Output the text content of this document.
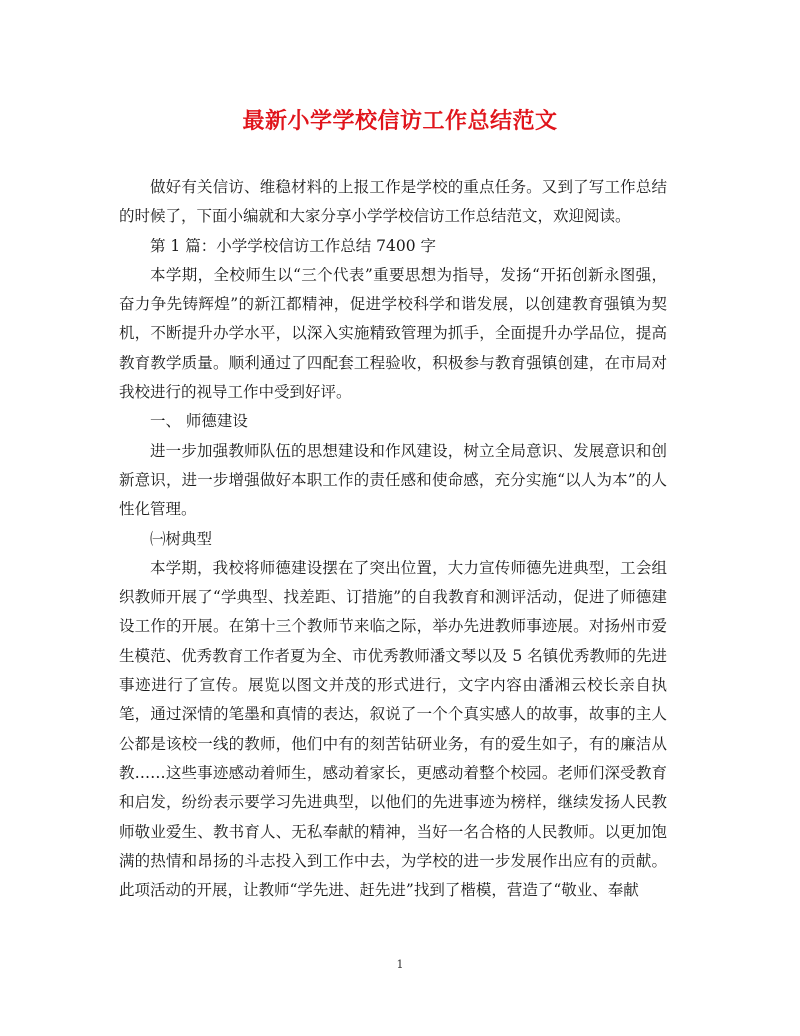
最新小学学校信访工作总结范文

做好有关信访、维稳材料的上报工作是学校的重点任务。又到了写工作总结的时候了，下面小编就和大家分享小学学校信访工作总结范文，欢迎阅读。

第 1 篇：小学学校信访工作总结 7400 字

本学期，全校师生以“三个代表”重要思想为指导，发扬“开拓创新永图强，奋力争先铸辉煌”的新江都精神，促进学校科学和谐发展，以创建教育强镇为契机，不断提升办学水平，以深入实施精致管理为抓手，全面提升办学品位，提高教育教学质量。顺利通过了四配套工程验收，积极参与教育强镇创建，在市局对我校进行的视导工作中受到好评。

一、 师德建设

进一步加强教师队伍的思想建设和作风建设，树立全局意识、发展意识和创新意识，进一步增强做好本职工作的责任感和使命感，充分实施“以人为本”的人性化管理。

㈠树典型

本学期，我校将师德建设摆在了突出位置，大力宣传师德先进典型，工会组织教师开展了“学典型、找差距、订措施”的自我教育和测评活动，促进了师德建设工作的开展。在第十三个教师节来临之际，举办先进教师事迹展。对扬州市爱生模范、优秀教育工作者夏为全、市优秀教师潘文琴以及 5 名镇优秀教师的先进事迹进行了宣传。展览以图文并茂的形式进行，文字内容由潘湘云校长亲自执笔，通过深情的笔墨和真情的表达，叙说了一个个真实感人的故事，故事的主人公都是该校一线的教师，他们中有的刻苦钻研业务，有的爱生如子，有的廉洁从教……这些事迹感动着师生，感动着家长，更感动着整个校园。老师们深受教育和启发，纷纷表示要学习先进典型，以他们的先进事迹为榜样，继续发扬人民教师敬业爱生、教书育人、无私奉献的精神，当好一名合格的人民教师。以更加饱满的热情和昂扬的斗志投入到工作中去，为学校的进一步发展作出应有的贡献。此项活动的开展，让教师“学先进、赶先进”找到了楷模，营造了“敬业、奉献

1
